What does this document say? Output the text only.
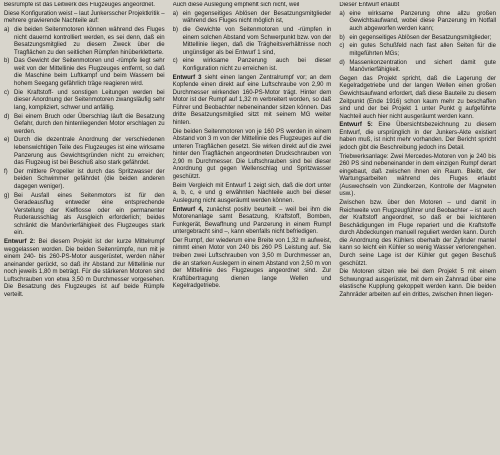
Besrümpfe ist das Leitwerk des Flugzeuges angeordnet.

Diese Konfiguration weist – laut Junkersscher Projektkritik – mehrere gravierende Nachteile auf:

a) die beiden Seitenmotoren können während des Fluges nicht dauernd kontrolliert werden, es sei denn, daß ein Besatzungsmitglied zu diesem Zweck über die Tragflächen zu den seitlichen Rümpfen hinüberkletterte.
b) Das Gewicht der Seitenmotoren und -rümpfe liegt sehr weit von der Mittellinie des Flugzeuges entfernt, so daß die Maschine beim Luftkampf und beim Wassern bei hohem Seegang gefährlich träge reagieren wird.
c) Die Kraftstoff- und sonstigen Leitungen werden bei dieser Anordnung der Seitenmotoren zwangsläufig sehr lang, kompliziert, schwer und anfällig.
d) Bei einem Bruch oder Überschlag läuft die Besatzung Gefahr, durch den hintenliegenden Motor erschlagen zu werden.
e) Durch die dezentrale Anordnung der verschiedenen lebenswichtigen Teile des Flugzeuges ist eine wirksame Panzerung aus Gewichtsgründen nicht zu erreichen; das Flugzeug ist bei Beschuß also stark gefährdet.
f)	Der mittlere Propeller ist durch das Spritzwasser der beiden Schwimmer gefährdet (die beiden anderen dagegen weniger).
g) Bei Ausfall eines Seitenmotors ist für den Geradeausflug entweder eine entsprechende Verstellung der Kielflosse oder ein permanenter Ruderausschlag als Ausgleich erforderlich; beides schränkt die Manövrierfähigkeit des Flugzeuges stark ein.

Entwurf 2: Bei diesem Projekt ist der kurze Mittelrumpf weggelassen worden. Die beiden Seitenrümpfe, nun mit je einem 240- bis 260-PS-Motor ausgerüstet, werden näher aneinander gerückt, so daß ihr Abstand zur Mittellinie nur noch jeweils 1,80 m beträgt. Für die stärkeren Motoren sind Luftschrauben von etwa 3,50 m Durchmesser vorgesehen. Die Besatzung des Flugzeuges ist auf beide Rümpfe verteilt.

Auch diese Auslegung empfiehlt sich nicht, weil

a) ein gegenseitiges Ablösen der Besatzungsmitglieder während des Fluges nicht möglich ist,
b) die Gewichte von Seitenmotoren und -rümpfen in einem solchen Abstand vom Schwerpunkt bzw. von der Mittellinie liegen, daß die Trägheitsverhältnisse noch ungünstiger als bei Entwurf 1 sind,
c) eine wirksame Panzerung auch bei dieser Konfiguration nicht zu erreichen ist.

Entwurf 3 sieht einen langen Zentralrumpf vor; an dem Kopfende einen direkt auf eine Luftschraube von 2,90 m Durchmesser wirkenden 160-PS-Motor trägt. Hinter dem Motor ist der Rumpf auf 1,32 m verbreitert worden, so daß Führer und Beobachter nebeneinander sitzen können. Das dritte Besatzungsmitglied sitzt mit seinem MG weiter hinten.

Die beiden Seitenmotoren von je 160 PS werden in einem Abstand von 3 m von der Mittellinie des Flugzeuges auf die unteren Tragflächen gesetzt. Sie wirken direkt auf die zwei hinter den Tragflächen angeordneten Druckschrauben von 2,90 m Durchmesser. Die Luftschrauben sind bei dieser Anordnung gut gegen Wellenschlag und Spritzwasser geschützt.

Beim Vergleich mit Entwurf 1 zeigt sich, daß die dort unter a, b, c, e und g erwähnten Nachteile auch bei dieser Auslegung nicht ausgeräumt werden können.

Entwurf 4, zunächst positiv beurteilt – weil bei ihm die Motorenanlage samt Besatzung, Kraftstoff, Bomben, Funkgerät, Bewaffnung und Panzerung in einem Rumpf untergebracht sind –, kann ebenfalls nicht befriedigen.

Der Rumpf, der wiederum eine Breite von 1,32 m aufweist, nimmt einen Motor von 240 bis 260 PS Leistung auf. Sie treiben zwei Luftschrauben von 3,50 m Durchmesser an, die an starken Auslegern in einem Abstand von 2,50 m von der Mittellinie des Flugzeuges angeordnet sind. Zur Kraftübertragung dienen lange Wellen und Kegelradgetriebe.

Dieser Entwurf erlaubt

a) eine wirksame Panzerung ohne allzu großen Gewichtsaufwand, wobei diese Panzerung im Notfall auch abgeworfen werden kann;
b) ein gegenseitiges Ablösen der Besatzungsmitglieder;
c) ein gutes Schußfeld nach fast allen Seiten für die mitgeführten MGs;
d) Massenkonzentration und sichert damit gute Manövrierfähigkeit.

Gegen das Projekt spricht, daß die Lagerung der Kegelradgetriebe und der langen Wellen einen großen Gewichtsaufwand erfordert, daß diese Bauteile zu diesem Zeitpunkt (Ende 1916) schon kaum mehr zu beschaffen sind und der bei Projekt 1 unter Punkt g aufgeführte Nachteil auch hier nicht ausgeräumt werden kann.

Entwurf 5: Eine Übersichtsbezeichnung zu diesem Entwurf, die ursprünglich in der Junkers-Akte existiert haben muß, ist nicht mehr vorhanden. Der Bericht spricht jedoch gibt die Beschreibung jedoch ins Detail.

Triebwerksanlage: Zwei Mercedes-Motoren von je 240 bis 260 PS sind nebeneinander in dem einzigen Rumpf derart eingebaut, daß zwischen ihnen ein Raum. Bleibt, der Wartungsarbeiten während des Fluges erlaubt (Auswechseln von Zündkerzen, Kontrolle der Magneten usw.).

Zwischen bzw. über den Motoren – und damit in Reichweite von Flugzeugführer und Beobachter – ist auch der Kraftstoff angeordnet, so daß er bei leichteren Beschädigungen im Fluge repariert und die Kraftstoffe durch Abdeckungen manuell reguliert werden kann. Durch die Anordnung des Kühlers oberhalb der Zylinder mantel kann so leicht ein Kühler so wenig Wasser verlorengehen. Durch seine Lage ist der Kühler gut gegen Beschuß geschützt.

Die Motoren sitzen wie bei dem Projekt 5 mit einem Schwungrad ausgerüstet, mit dem ein Zahnrad über eine elastische Kupplung gekoppelt werden kann. Die beiden Zahnräder arbeiten auf ein drittes, zwischen ihnen liegen-
